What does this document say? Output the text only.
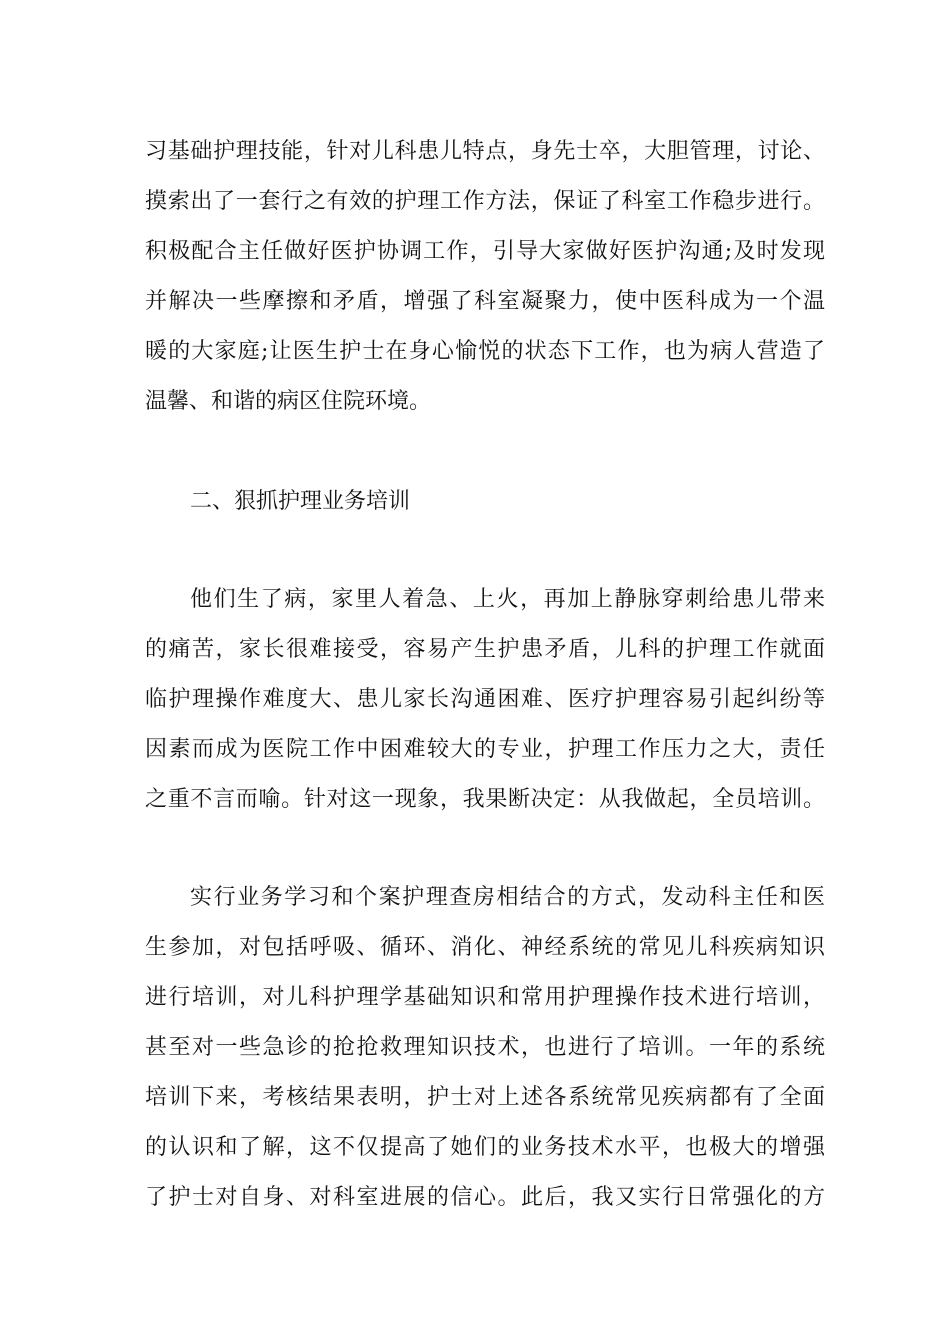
习基础护理技能，针对儿科患儿特点，身先士卒，大胆管理，讨论、

摸索出了一套行之有效的护理工作方法，保证了科室工作稳步进行。

积极配合主任做好医护协调工作，引导大家做好医护沟通;及时发现

并解决一些摩擦和矛盾，增强了科室凝聚力，使中医科成为一个温

暖的大家庭;让医生护士在身心愉悦的状态下工作，也为病人营造了

温馨、和谐的病区住院环境。

二、狠抓护理业务培训

他们生了病，家里人着急、上火，再加上静脉穿刺给患儿带来

的痛苦，家长很难接受，容易产生护患矛盾，儿科的护理工作就面

临护理操作难度大、患儿家长沟通困难、医疗护理容易引起纠纷等

因素而成为医院工作中困难较大的专业，护理工作压力之大，责任

之重不言而喻。针对这一现象，我果断决定：从我做起，全员培训。

实行业务学习和个案护理查房相结合的方式，发动科主任和医

生参加，对包括呼吸、循环、消化、神经系统的常见儿科疾病知识

进行培训，对儿科护理学基础知识和常用护理操作技术进行培训，

甚至对一些急诊的抢抢救理知识技术，也进行了培训。一年的系统

培训下来，考核结果表明，护士对上述各系统常见疾病都有了全面

的认识和了解，这不仅提高了她们的业务技术水平，也极大的增强

了护士对自身、对科室进展的信心。此后，我又实行日常强化的方
